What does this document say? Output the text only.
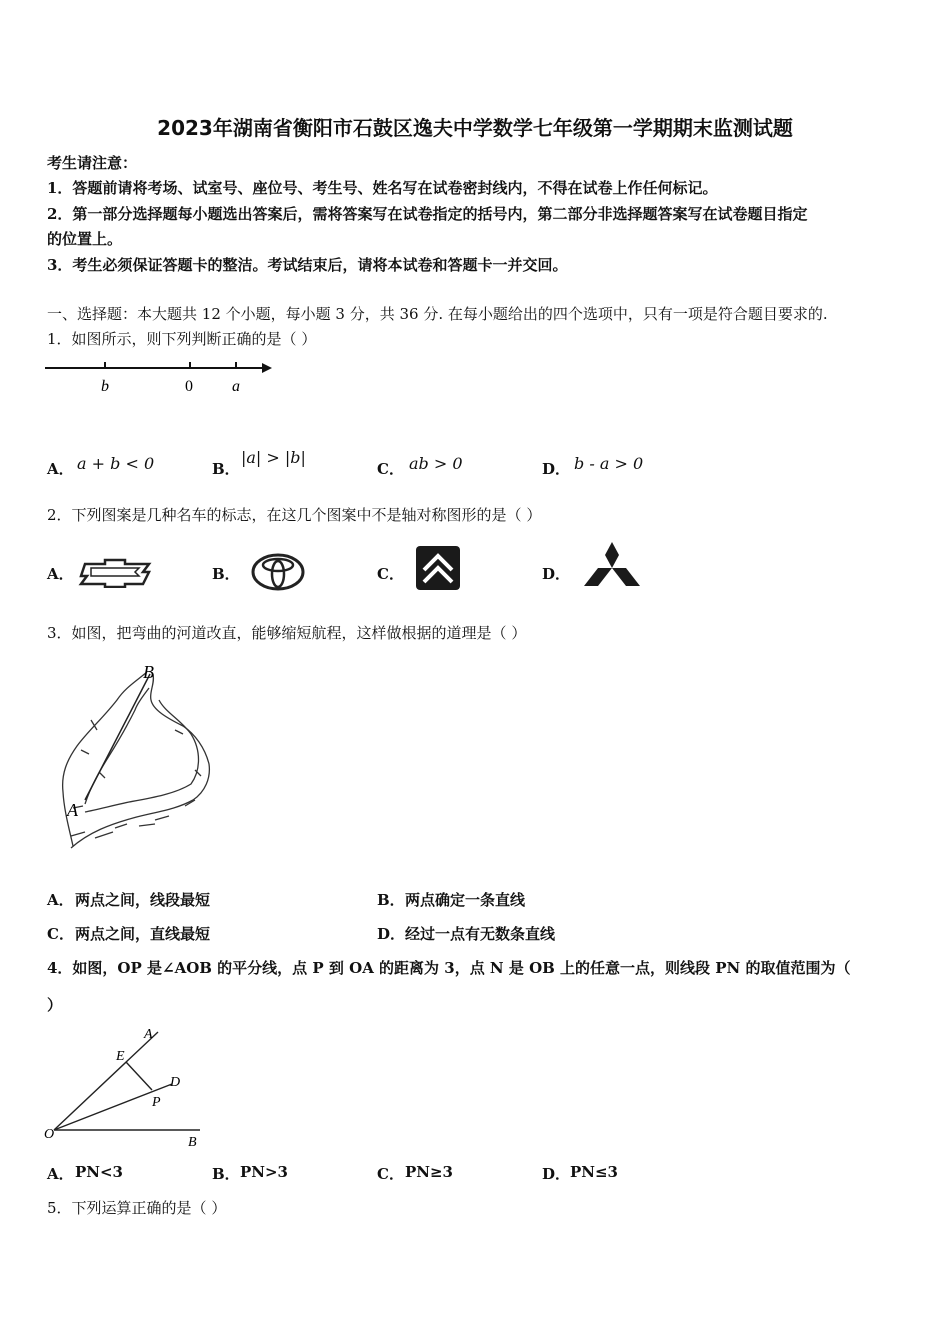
2023年湖南省衡阳市石鼓区逸夫中学数学七年级第一学期期末监测试题
考生请注意：
1．答题前请将考场、试室号、座位号、考生号、姓名写在试卷密封线内，不得在试卷上作任何标记。
2．第一部分选择题每小题选出答案后，需将答案写在试卷指定的括号内，第二部分非选择题答案写在试卷题目指定
的位置上。
3．考生必须保证答题卡的整洁。考试结束后，请将本试卷和答题卡一并交回。
一、选择题：本大题共 12 个小题，每小题 3 分，共 36 分. 在每小题给出的四个选项中，只有一项是符合题目要求的.
1．如图所示，则下列判断正确的是（ ）
b	0 a
A． a + b < 0	B．
|a| > |b|
C． ab > 0	D． b - a > 0
2．下列图案是几种名车的标志，在这几个图案中不是轴对称图形的是（ ）
A．	B．	C．	D．
3．如图，把弯曲的河道改直，能够缩短航程，这样做根据的道理是（ ）
B
A
A． 两点之间，线段最短	B． 两点确定一条直线
C． 两点之间，直线最短	D． 经过一点有无数条直线
4．如图，OP 是∠AOB 的平分线，点 P 到 OA 的距离为 3，点 N 是 OB 上的任意一点，则线段 PN 的取值范围为（
）
A
E
D
P
O
B
A． PN<3	B． PN>3	C． PN≥3	D． PN≤3
5．下列运算正确的是（ ）
